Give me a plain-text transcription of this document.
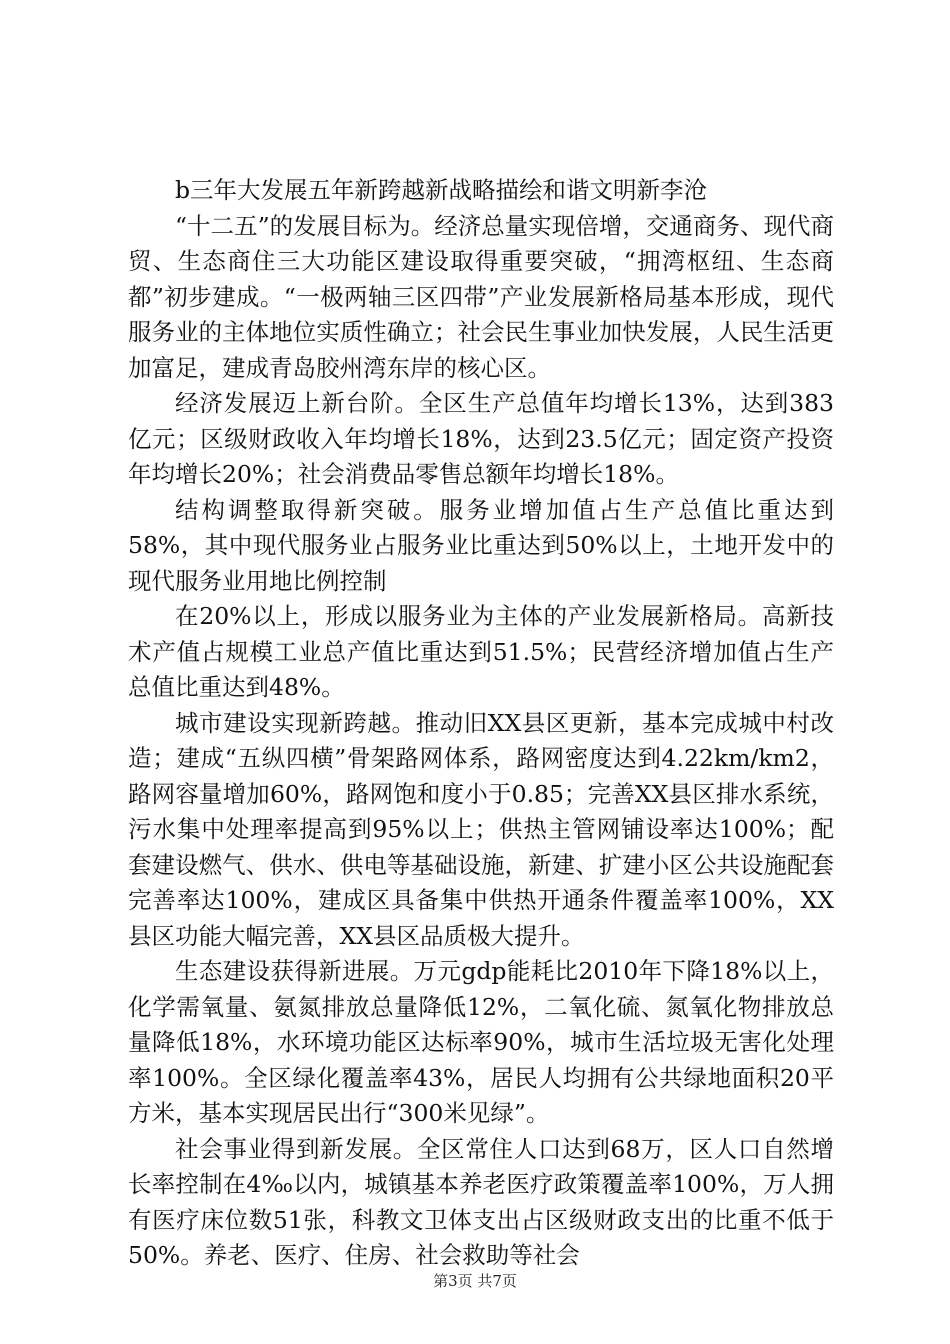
b三年大发展五年新跨越新战略描绘和谐文明新李沧

“十二五”的发展目标为。经济总量实现倍增，交通商务、现代商贸、生态商住三大功能区建设取得重要突破，“拥湾枢纽、生态商都”初步建成。“一极两轴三区四带”产业发展新格局基本形成，现代服务业的主体地位实质性确立；社会民生事业加快发展，人民生活更加富足，建成青岛胶州湾东岸的核心区。

经济发展迈上新台阶。全区生产总值年均增长13%，达到383亿元；区级财政收入年均增长18%，达到23.5亿元；固定资产投资年均增长20%；社会消费品零售总额年均增长18%。

结构调整取得新突破。服务业增加值占生产总值比重达到58%，其中现代服务业占服务业比重达到50%以上，土地开发中的现代服务业用地比例控制

在20%以上，形成以服务业为主体的产业发展新格局。高新技术产值占规模工业总产值比重达到51.5%；民营经济增加值占生产总值比重达到48%。

城市建设实现新跨越。推动旧XX县区更新，基本完成城中村改造；建成“五纵四横”骨架路网体系，路网密度达到4.22km/km2，路网容量增加60%，路网饱和度小于0.85；完善XX县区排水系统，污水集中处理率提高到95%以上；供热主管网铺设率达100%；配套建设燃气、供水、供电等基础设施，新建、扩建小区公共设施配套完善率达100%，建成区具备集中供热开通条件覆盖率100%，XX县区功能大幅完善，XX县区品质极大提升。

生态建设获得新进展。万元gdp能耗比2010年下降18%以上，化学需氧量、氨氮排放总量降低12%，二氧化硫、氮氧化物排放总量降低18%，水环境功能区达标率90%，城市生活垃圾无害化处理率100%。全区绿化覆盖率43%，居民人均拥有公共绿地面积20平方米，基本实现居民出行“300米见绿”。

社会事业得到新发展。全区常住人口达到68万，区人口自然增长率控制在4‰以内，城镇基本养老医疗政策覆盖率100%，万人拥有医疗床位数51张，科教文卫体支出占区级财政支出的比重不低于50%。养老、医疗、住房、社会救助等社会

第3页 共7页
